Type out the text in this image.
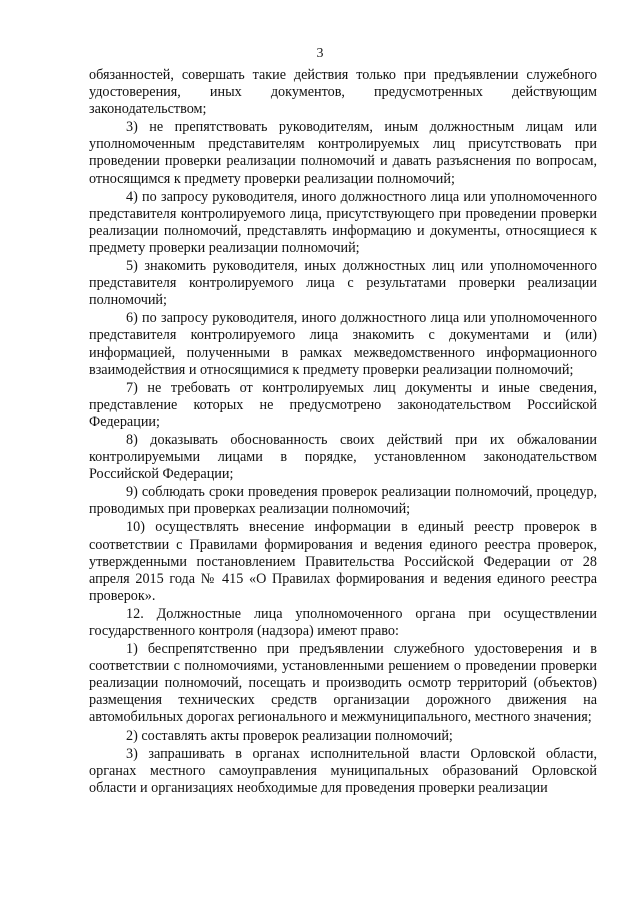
3

обязанностей, совершать такие действия только при предъявлении служебного удостоверения, иных документов, предусмотренных действующим законодательством;

3) не препятствовать руководителям, иным должностным лицам или уполномоченным представителям контролируемых лиц присутствовать при проведении проверки реализации полномочий и давать разъяснения по вопросам, относящимся к предмету проверки реализации полномочий;

4) по запросу руководителя, иного должностного лица или уполномоченного представителя контролируемого лица, присутствующего при проведении проверки реализации полномочий, представлять информацию и документы, относящиеся к предмету проверки реализации полномочий;

5) знакомить руководителя, иных должностных лиц или уполномоченного представителя контролируемого лица с результатами проверки реализации полномочий;

6) по запросу руководителя, иного должностного лица или уполномоченного представителя контролируемого лица знакомить с документами и (или) информацией, полученными в рамках межведомственного информационного взаимодействия и относящимися к предмету проверки реализации полномочий;

7) не требовать от контролируемых лиц документы и иные сведения, представление которых не предусмотрено законодательством Российской Федерации;

8) доказывать обоснованность своих действий при их обжаловании контролируемыми лицами в порядке, установленном законодательством Российской Федерации;

9) соблюдать сроки проведения проверок реализации полномочий, процедур, проводимых при проверках реализации полномочий;

10) осуществлять внесение информации в единый реестр проверок в соответствии с Правилами формирования и ведения единого реестра проверок, утвержденными постановлением Правительства Российской Федерации от 28 апреля 2015 года № 415 «О Правилах формирования и ведения единого реестра проверок».

12. Должностные лица уполномоченного органа при осуществлении государственного контроля (надзора) имеют право:

1) беспрепятственно при предъявлении служебного удостоверения и в соответствии с полномочиями, установленными решением о проведении проверки реализации полномочий, посещать и производить осмотр территорий (объектов) размещения технических средств организации дорожного движения на автомобильных дорогах регионального и межмуниципального, местного значения;

2) составлять акты проверок реализации полномочий;

3) запрашивать в органах исполнительной власти Орловской области, органах местного самоуправления муниципальных образований Орловской области и организациях необходимые для проведения проверки реализации
